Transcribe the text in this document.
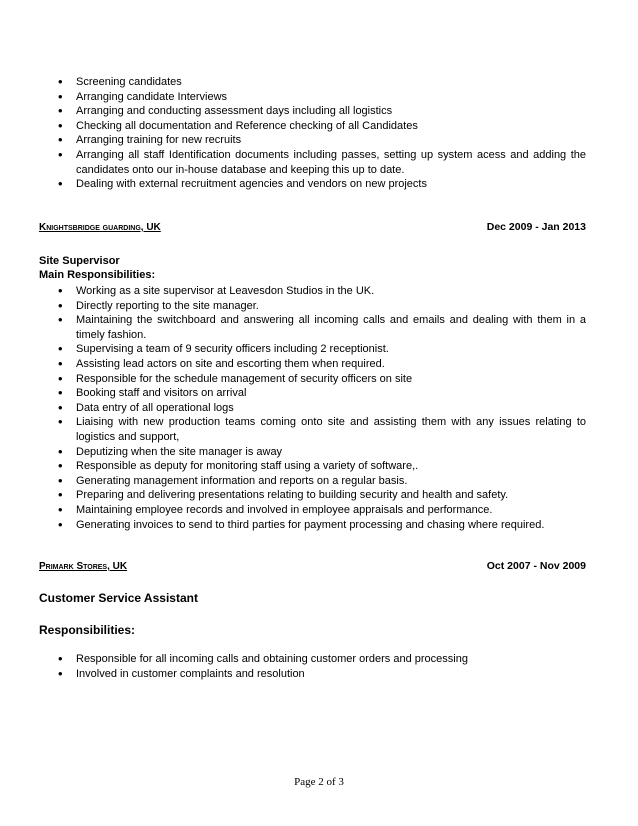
• Screening candidates
• Arranging candidate Interviews
• Arranging and conducting assessment days including all logistics
• Checking all documentation and Reference checking of all Candidates
• Arranging training for new recruits
• Arranging all staff Identification documents including passes, setting up system acess and adding the candidates onto our in-house database and keeping this up to date.
• Dealing with external recruitment agencies and vendors on new projects
Knightsbridge guarding, UK	Dec 2009 - Jan 2013
Site Supervisor
Main Responsibilities:
• Working as a site supervisor at Leavesdon Studios in the UK.
• Directly reporting to the site manager.
• Maintaining the switchboard and answering all incoming calls and emails and dealing with them in a timely fashion.
• Supervising a team of 9 security officers including 2 receptionist.
• Assisting lead actors on site and escorting them when required.
• Responsible for the schedule management of security officers on site
• Booking staff and visitors on arrival
• Data entry of all operational logs
• Liaising with new production teams coming onto site and assisting them with any issues relating to logistics and support,
• Deputizing when the site manager is away
• Responsible as deputy for monitoring staff using a variety of software,.
• Generating management information and reports on a regular basis.
• Preparing and delivering presentations relating to building security and health and safety.
• Maintaining employee records and involved in employee appraisals and performance.
• Generating invoices to send to third parties for payment processing and chasing where required.
Primark Stores, UK	Oct 2007 - Nov 2009
Customer Service Assistant
Responsibilities:
• Responsible for all incoming calls and obtaining customer orders and processing
• Involved in customer complaints and resolution
Page 2 of 3
